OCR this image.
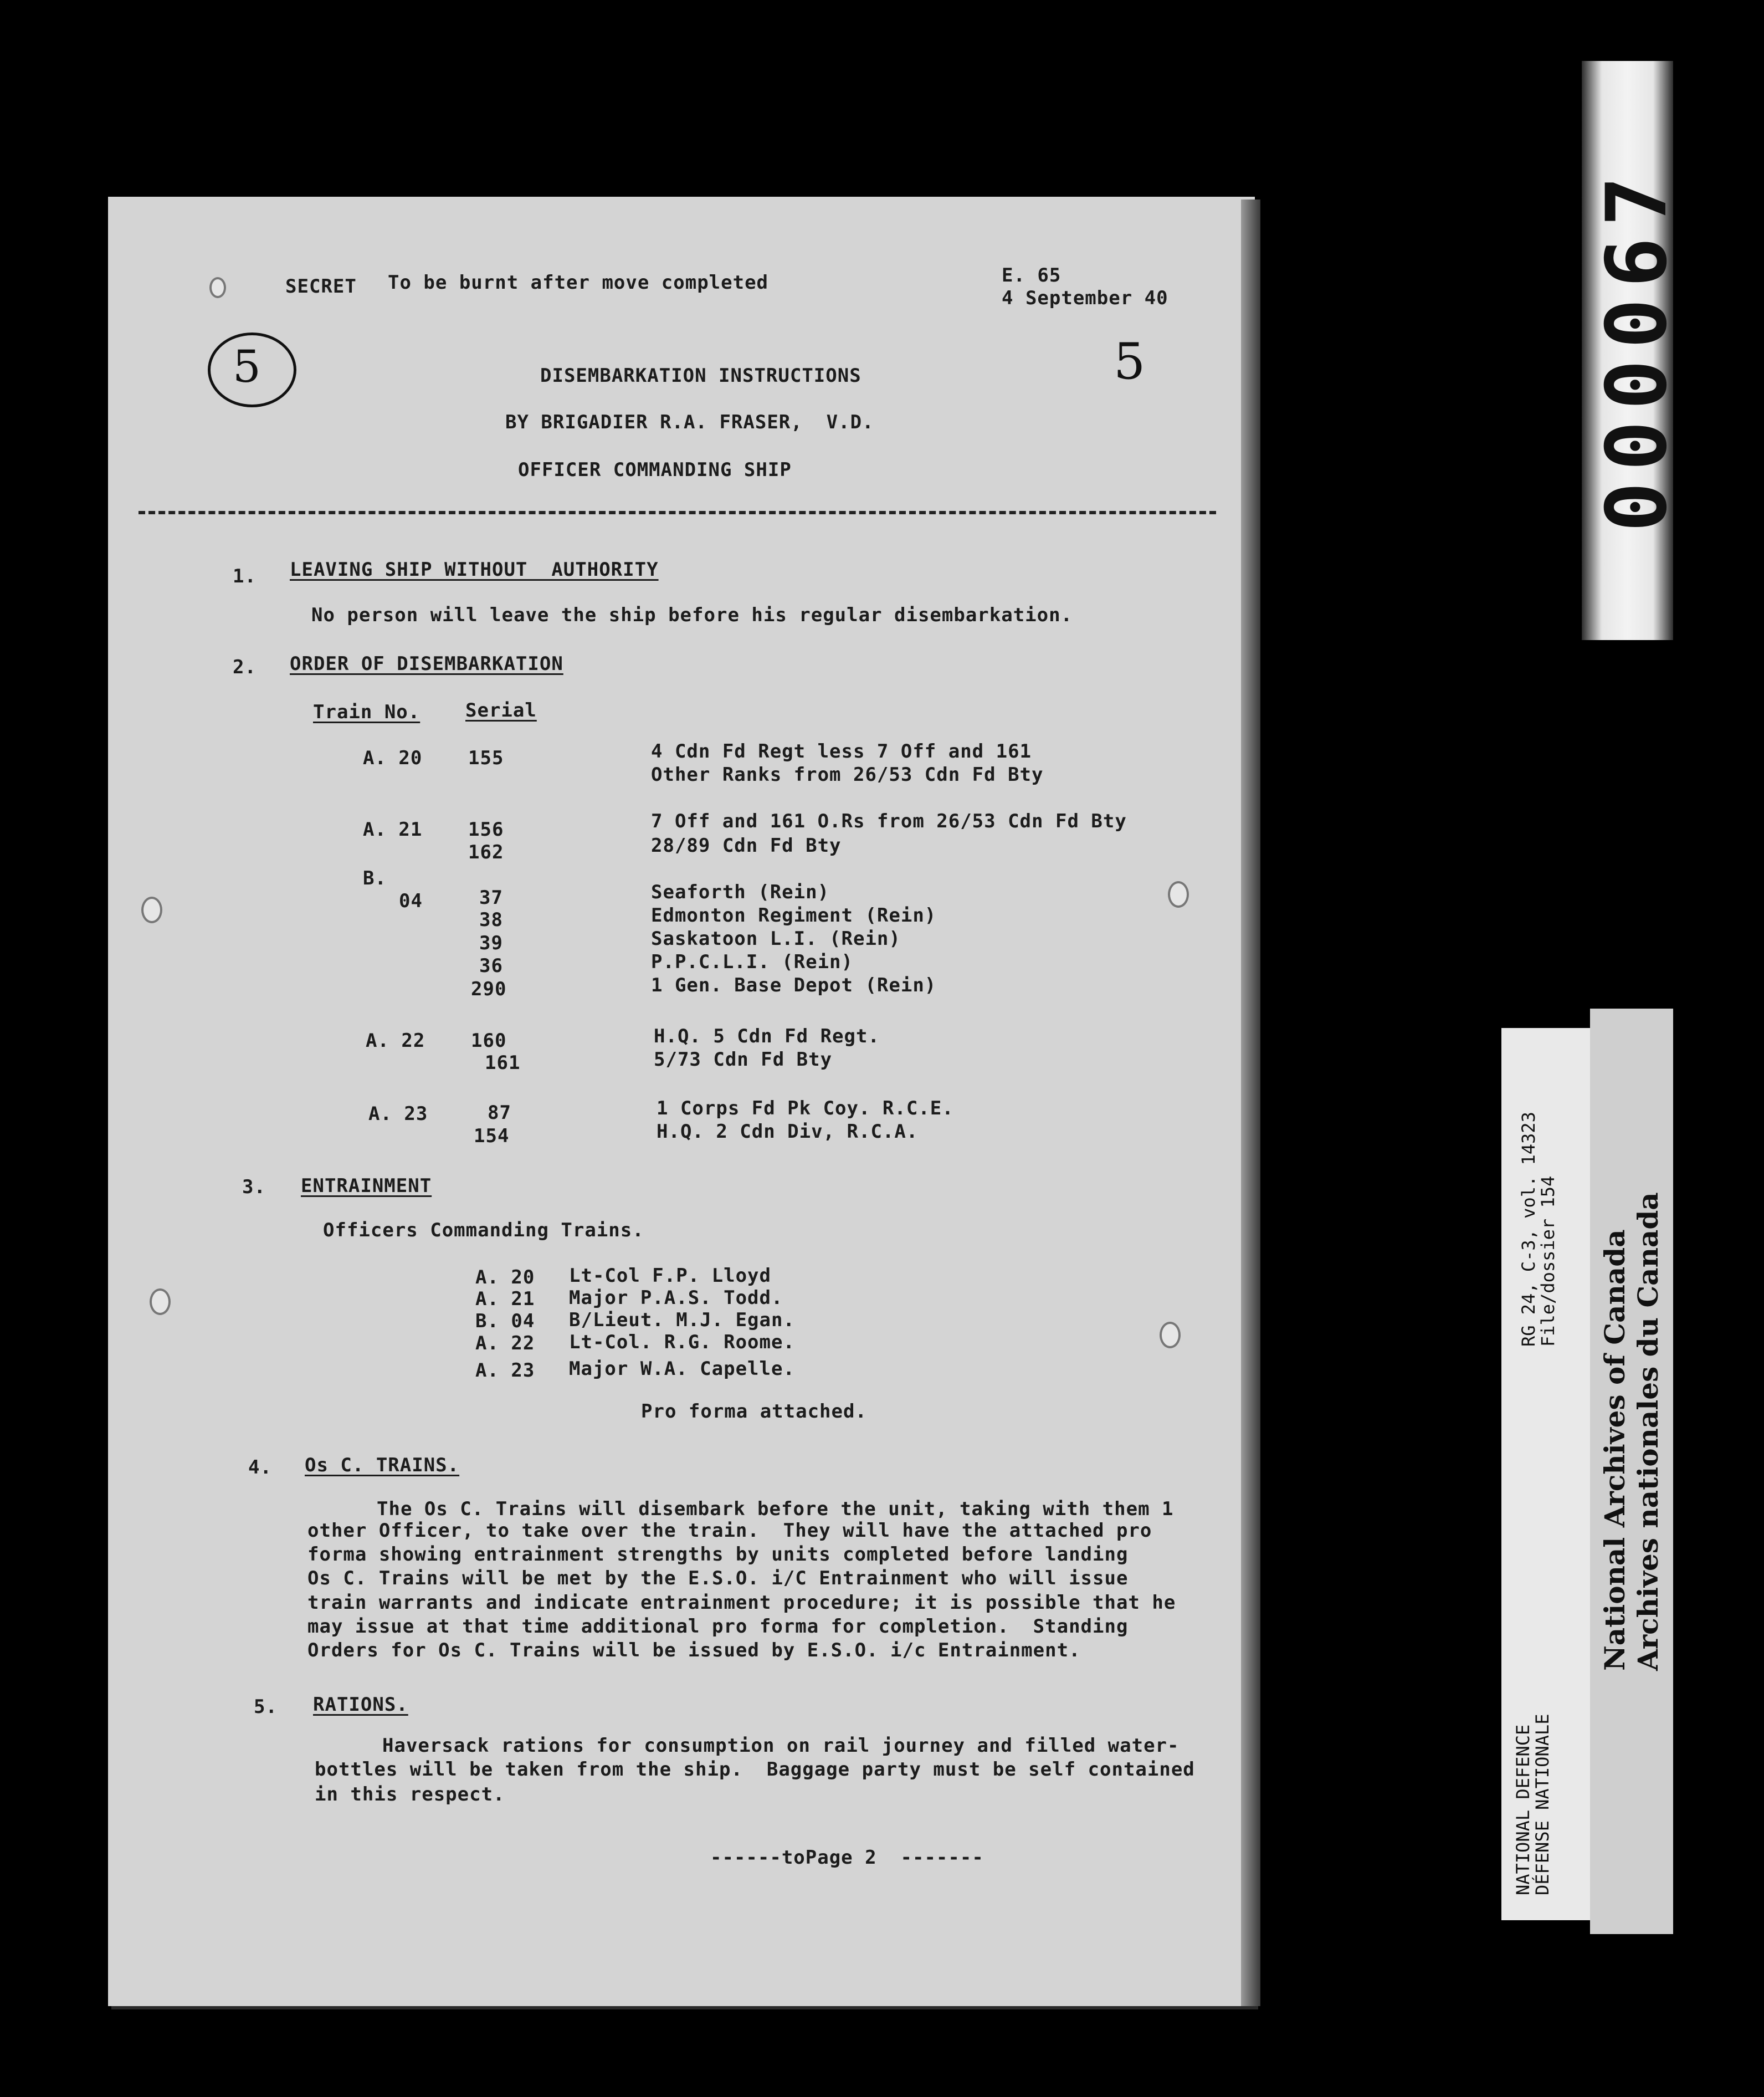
SECRET To be burnt after move completed	E. 65
4 September 40
5	5
DISEMBARKATION INSTRUCTIONS
BY BRIGADIER R.A. FRASER,  V.D.
OFFICER COMMANDING SHIP
1. LEAVING SHIP WITHOUT  AUTHORITY
No person will leave the ship before his regular disembarkation.
2. ORDER OF DISEMBARKATION
Train No. Serial
A. 20 155	4 Cdn Fd Regt less 7 Off and 161
Other Ranks from 26/53 Cdn Fd Bty
A. 21 156	7 Off and 161 O.Rs from 26/53 Cdn Fd Bty
162	28/89 Cdn Fd Bty
B.
04	37	Seaforth (Rein)
38	Edmonton Regiment (Rein)
39	Saskatoon L.I. (Rein)
36	P.P.C.L.I. (Rein)
290	1 Gen. Base Depot (Rein)
A. 22 160	H.Q. 5 Cdn Fd Regt.
161	5/73 Cdn Fd Bty
A. 23	87	1 Corps Fd Pk Coy. R.C.E.
154	H.Q. 2 Cdn Div, R.C.A.
3. ENTRAINMENT
Officers Commanding Trains.
A. 20 Lt-Col F.P. Lloyd
A. 21 Major P.A.S. Todd.
B. 04 B/Lieut. M.J. Egan.
A. 22 Lt-Col. R.G. Roome.
A. 23 Major W.A. Capelle.
Pro forma attached.
4. Os C. TRAINS.
The Os C. Trains will disembark before the unit, taking with them 1
other Officer, to take over the train.  They will have the attached pro
forma showing entrainment strengths by units completed before landing
Os C. Trains will be met by the E.S.O. i/C Entrainment who will issue
train warrants and indicate entrainment procedure; it is possible that he
may issue at that time additional pro forma for completion.  Standing
Orders for Os C. Trains will be issued by E.S.O. i/c Entrainment.
5. RATIONS.
Haversack rations for consumption on rail journey and filled water-
bottles will be taken from the ship.  Baggage party must be self contained
in this respect.
------toPage 2  -------
000067
NATIONAL DEFENCE
DÉFENSE NATIONALE
RG 24, C-3, vol. 14323
File/dossier 154 National Archives of Canada Archives nationales du Canada
